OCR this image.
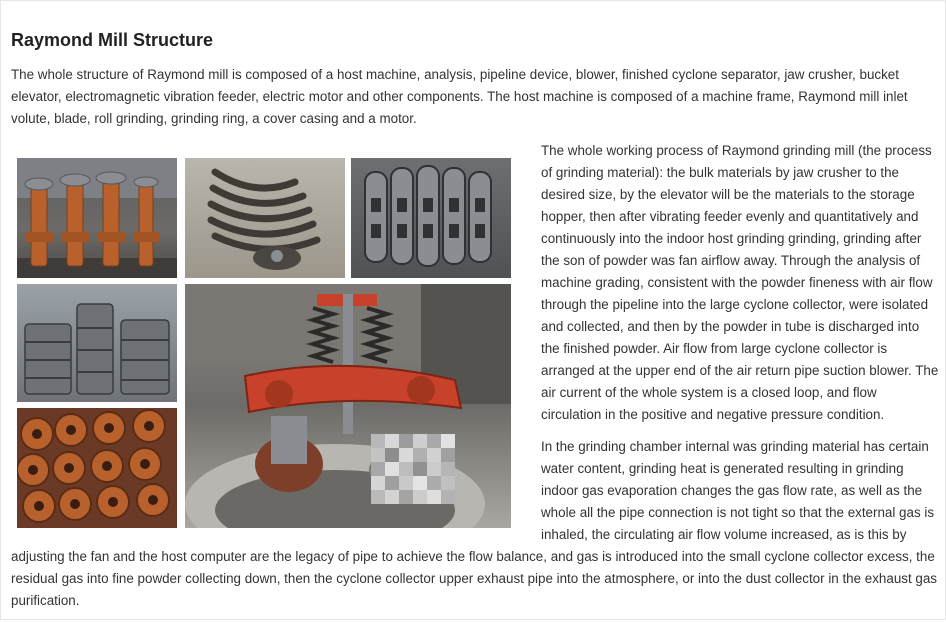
Raymond Mill Structure

The whole structure of Raymond mill is composed of a host machine, analysis, pipeline device, blower, finished cyclone separator, jaw crusher, bucket elevator, electromagnetic vibration feeder, electric motor and other components. The host machine is composed of a machine frame, Raymond mill inlet volute, blade, roll grinding, grinding ring, a cover casing and a motor.

The whole working process of Raymond grinding mill (the process of grinding material): the bulk materials by jaw crusher to the desired size, by the elevator will be the materials to the storage hopper, then after vibrating feeder evenly and quantitatively and continuously into the indoor host grinding grinding, grinding after the son of powder was fan airflow away. Through the analysis of machine grading, consistent with the powder fineness with air flow through the pipeline into the large cyclone collector, were isolated and collected, and then by the powder in tube is discharged into the finished powder. Air flow from large cyclone collector is arranged at the upper end of the air return pipe suction blower. The air current of the whole system is a closed loop, and flow circulation in the positive and negative pressure condition.

In the grinding chamber internal was grinding material has certain water content, grinding heat is generated resulting in grinding indoor gas evaporation changes the gas flow rate, as well as the whole all the pipe connection is not tight so that the external gas is inhaled, the circulating air flow volume increased, as is this by adjusting the fan and the host computer are the legacy of pipe to achieve the flow balance, and gas is introduced into the small cyclone collector excess, the residual gas into fine powder collecting down, then the cyclone collector upper exhaust pipe into the atmosphere, or into the dust collector in the exhaust gas purification.
